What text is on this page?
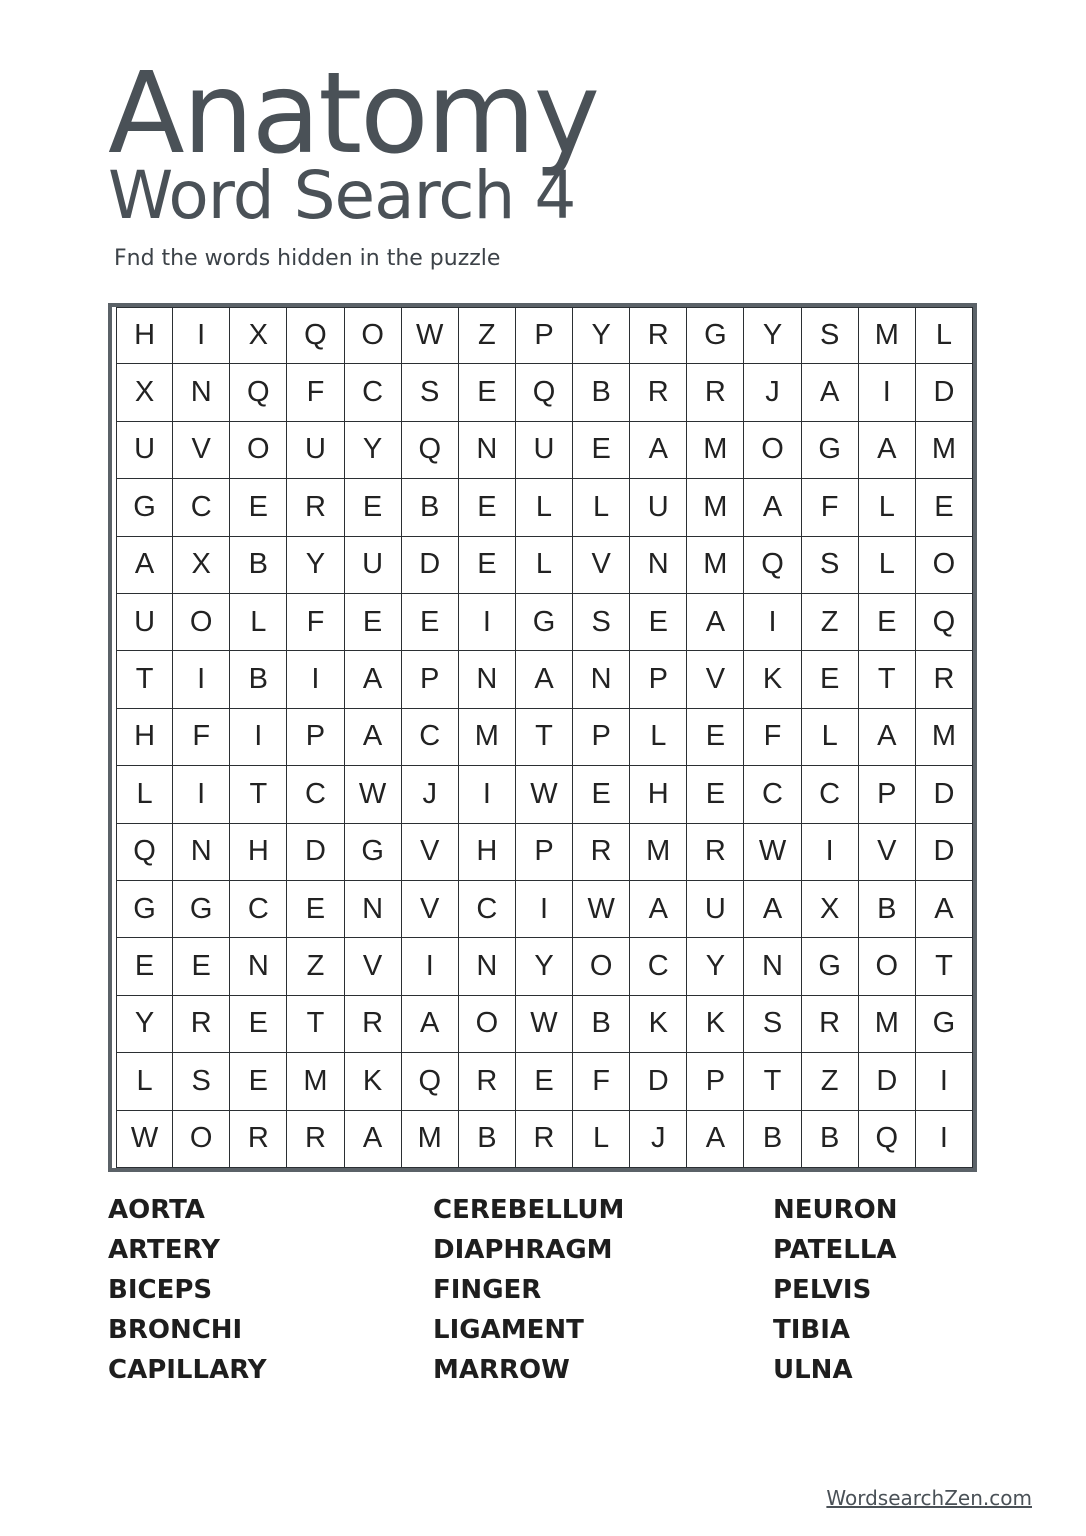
Anatomy
Word Search 4
Fnd the words hidden in the puzzle
H	I	X	Q	O	W	Z	P	Y	R	G	Y	S	M	L
X	N	Q	F	C	S	E	Q	B	R	R	J	A	I	D
U	V	O	U	Y	Q	N	U	E	A	M	O	G	A	M
G	C	E	R	E	B	E	L	L	U	M	A	F	L	E
A	X	B	Y	U	D	E	L	V	N	M	Q	S	L	O
U	O	L	F	E	E	I	G	S	E	A	I	Z	E	Q
T	I	B	I	A	P	N	A	N	P	V	K	E	T	R
H	F	I	P	A	C	M	T	P	L	E	F	L	A	M
L	I	T	C	W	J	I	W	E	H	E	C	C	P	D
Q	N	H	D	G	V	H	P	R	M	R	W	I	V	D
G	G	C	E	N	V	C	I	W	A	U	A	X	B	A
E	E	N	Z	V	I	N	Y	O	C	Y	N	G	O	T
Y	R	E	T	R	A	O	W	B	K	K	S	R	M	G
L	S	E	M	K	Q	R	E	F	D	P	T	Z	D	I
W	O	R	R	A	M	B	R	L	J	A	B	B	Q	I
AORTA
ARTERY
BICEPS
BRONCHI
CAPILLARY
CEREBELLUM
DIAPHRAGM
FINGER
LIGAMENT
MARROW
NEURON
PATELLA
PELVIS
TIBIA
ULNA
WordsearchZen.com
